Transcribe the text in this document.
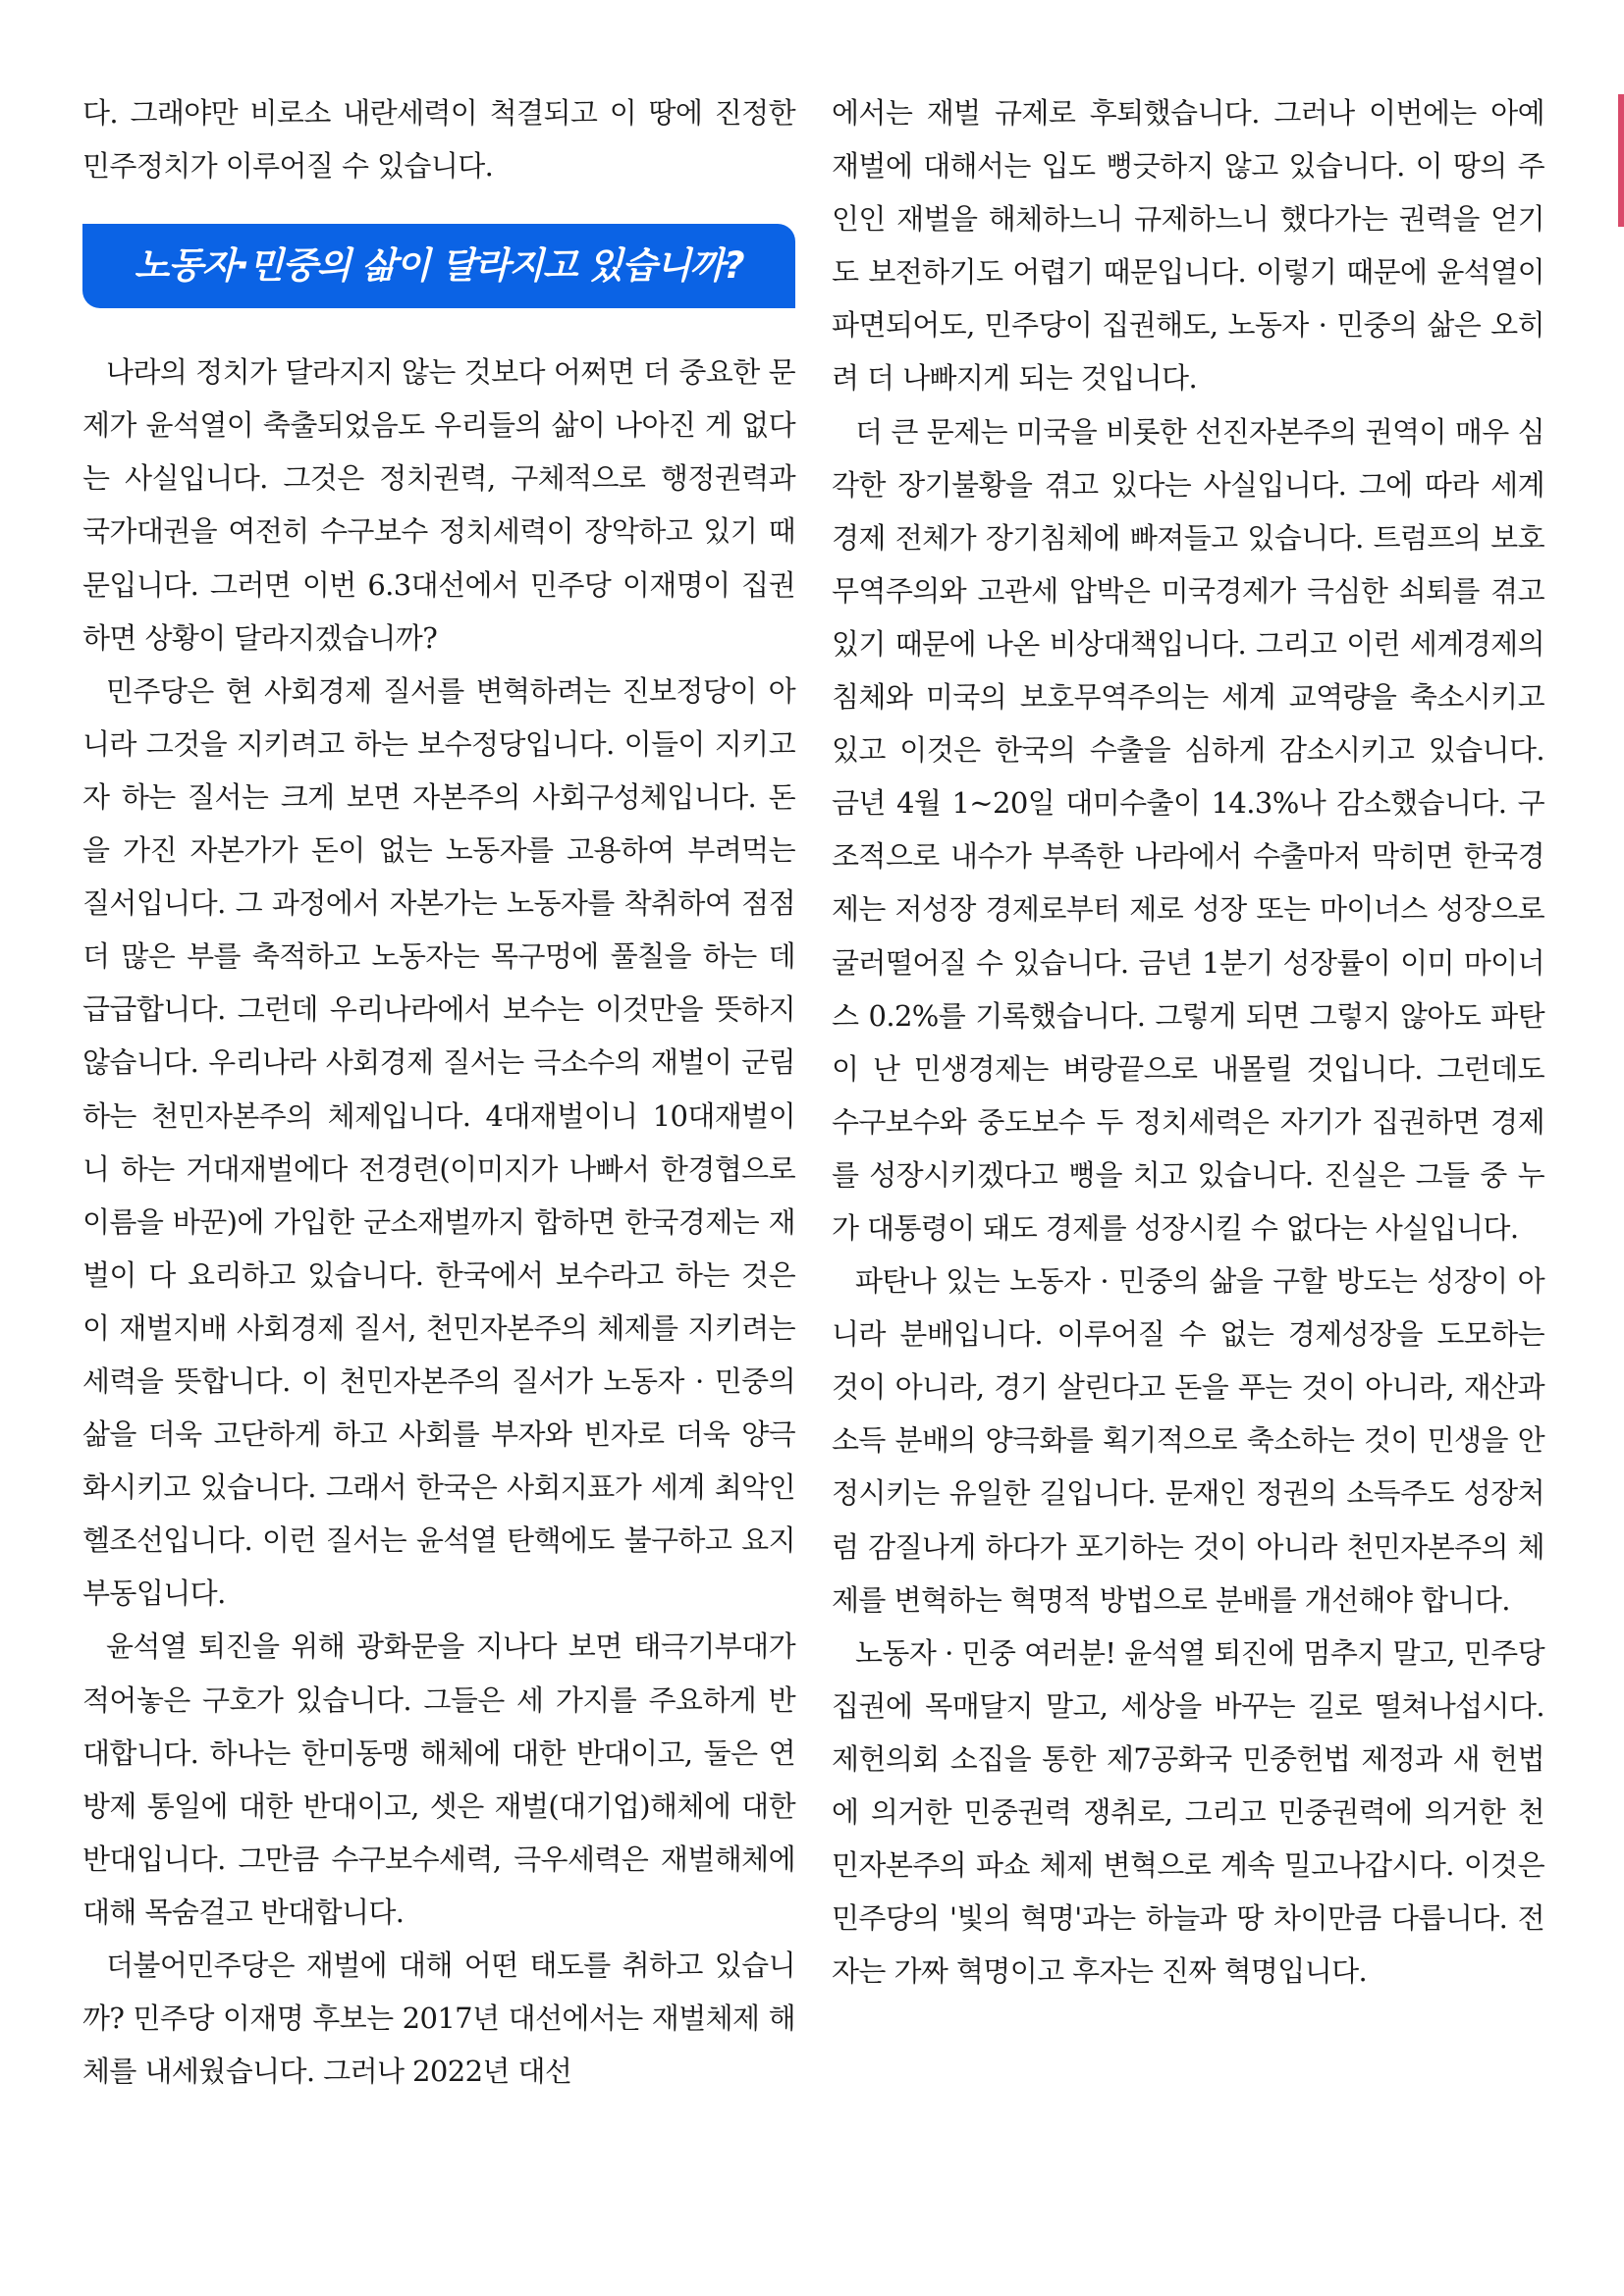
다. 그래야만 비로소 내란세력이 척결되고 이 땅에 진정한 민주정치가 이루어질 수 있습니다.

노동자·민중의 삶이 달라지고 있습니까?

나라의 정치가 달라지지 않는 것보다 어쩌면 더 중요한 문제가 윤석열이 축출되었음도 우리들의 삶이 나아진 게 없다는 사실입니다. 그것은 정치권력, 구체적으로 행정권력과 국가대권을 여전히 수구보수 정치세력이 장악하고 있기 때문입니다. 그러면 이번 6.3대선에서 민주당 이재명이 집권하면 상황이 달라지겠습니까?

민주당은 현 사회경제 질서를 변혁하려는 진보정당이 아니라 그것을 지키려고 하는 보수정당입니다. 이들이 지키고자 하는 질서는 크게 보면 자본주의 사회구성체입니다. 돈을 가진 자본가가 돈이 없는 노동자를 고용하여 부려먹는 질서입니다. 그 과정에서 자본가는 노동자를 착취하여 점점 더 많은 부를 축적하고 노동자는 목구멍에 풀칠을 하는 데 급급합니다. 그런데 우리나라에서 보수는 이것만을 뜻하지 않습니다. 우리나라 사회경제 질서는 극소수의 재벌이 군림하는 천민자본주의 체제입니다. 4대재벌이니 10대재벌이니 하는 거대재벌에다 전경련(이미지가 나빠서 한경협으로 이름을 바꾼)에 가입한 군소재벌까지 합하면 한국경제는 재벌이 다 요리하고 있습니다. 한국에서 보수라고 하는 것은 이 재벌지배 사회경제 질서, 천민자본주의 체제를 지키려는 세력을 뜻합니다. 이 천민자본주의 질서가 노동자 · 민중의 삶을 더욱 고단하게 하고 사회를 부자와 빈자로 더욱 양극화시키고 있습니다. 그래서 한국은 사회지표가 세계 최악인 헬조선입니다. 이런 질서는 윤석열 탄핵에도 불구하고 요지부동입니다.

윤석열 퇴진을 위해 광화문을 지나다 보면 태극기부대가 적어놓은 구호가 있습니다. 그들은 세 가지를 주요하게 반대합니다. 하나는 한미동맹 해체에 대한 반대이고, 둘은 연방제 통일에 대한 반대이고, 셋은 재벌(대기업)해체에 대한 반대입니다. 그만큼 수구보수세력, 극우세력은 재벌해체에 대해 목숨걸고 반대합니다.

더불어민주당은 재벌에 대해 어떤 태도를 취하고 있습니까? 민주당 이재명 후보는 2017년 대선에서는 재벌체제 해체를 내세웠습니다. 그러나 2022년 대선

에서는 재벌 규제로 후퇴했습니다. 그러나 이번에는 아예 재벌에 대해서는 입도 뻥긋하지 않고 있습니다. 이 땅의 주인인 재벌을 해체하느니 규제하느니 했다가는 권력을 얻기도 보전하기도 어렵기 때문입니다. 이렇기 때문에 윤석열이 파면되어도, 민주당이 집권해도, 노동자 · 민중의 삶은 오히려 더 나빠지게 되는 것입니다.

더 큰 문제는 미국을 비롯한 선진자본주의 권역이 매우 심각한 장기불황을 겪고 있다는 사실입니다. 그에 따라 세계경제 전체가 장기침체에 빠져들고 있습니다. 트럼프의 보호무역주의와 고관세 압박은 미국경제가 극심한 쇠퇴를 겪고 있기 때문에 나온 비상대책입니다. 그리고 이런 세계경제의 침체와 미국의 보호무역주의는 세계 교역량을 축소시키고 있고 이것은 한국의 수출을 심하게 감소시키고 있습니다. 금년 4월 1~20일 대미수출이 14.3%나 감소했습니다. 구조적으로 내수가 부족한 나라에서 수출마저 막히면 한국경제는 저성장 경제로부터 제로 성장 또는 마이너스 성장으로 굴러떨어질 수 있습니다. 금년 1분기 성장률이 이미 마이너스 0.2%를 기록했습니다. 그렇게 되면 그렇지 않아도 파탄이 난 민생경제는 벼랑끝으로 내몰릴 것입니다. 그런데도 수구보수와 중도보수 두 정치세력은 자기가 집권하면 경제를 성장시키겠다고 뻥을 치고 있습니다. 진실은 그들 중 누가 대통령이 돼도 경제를 성장시킬 수 없다는 사실입니다.

파탄나 있는 노동자 · 민중의 삶을 구할 방도는 성장이 아니라 분배입니다. 이루어질 수 없는 경제성장을 도모하는 것이 아니라, 경기 살린다고 돈을 푸는 것이 아니라, 재산과 소득 분배의 양극화를 획기적으로 축소하는 것이 민생을 안정시키는 유일한 길입니다. 문재인 정권의 소득주도 성장처럼 감질나게 하다가 포기하는 것이 아니라 천민자본주의 체제를 변혁하는 혁명적 방법으로 분배를 개선해야 합니다.

노동자 · 민중 여러분! 윤석열 퇴진에 멈추지 말고, 민주당 집권에 목매달지 말고, 세상을 바꾸는 길로 떨쳐나섭시다. 제헌의회 소집을 통한 제7공화국 민중헌법 제정과 새 헌법에 의거한 민중권력 쟁취로, 그리고 민중권력에 의거한 천민자본주의 파쇼 체제 변혁으로 계속 밀고나갑시다. 이것은 민주당의 '빛의 혁명'과는 하늘과 땅 차이만큼 다릅니다. 전자는 가짜 혁명이고 후자는 진짜 혁명입니다.
